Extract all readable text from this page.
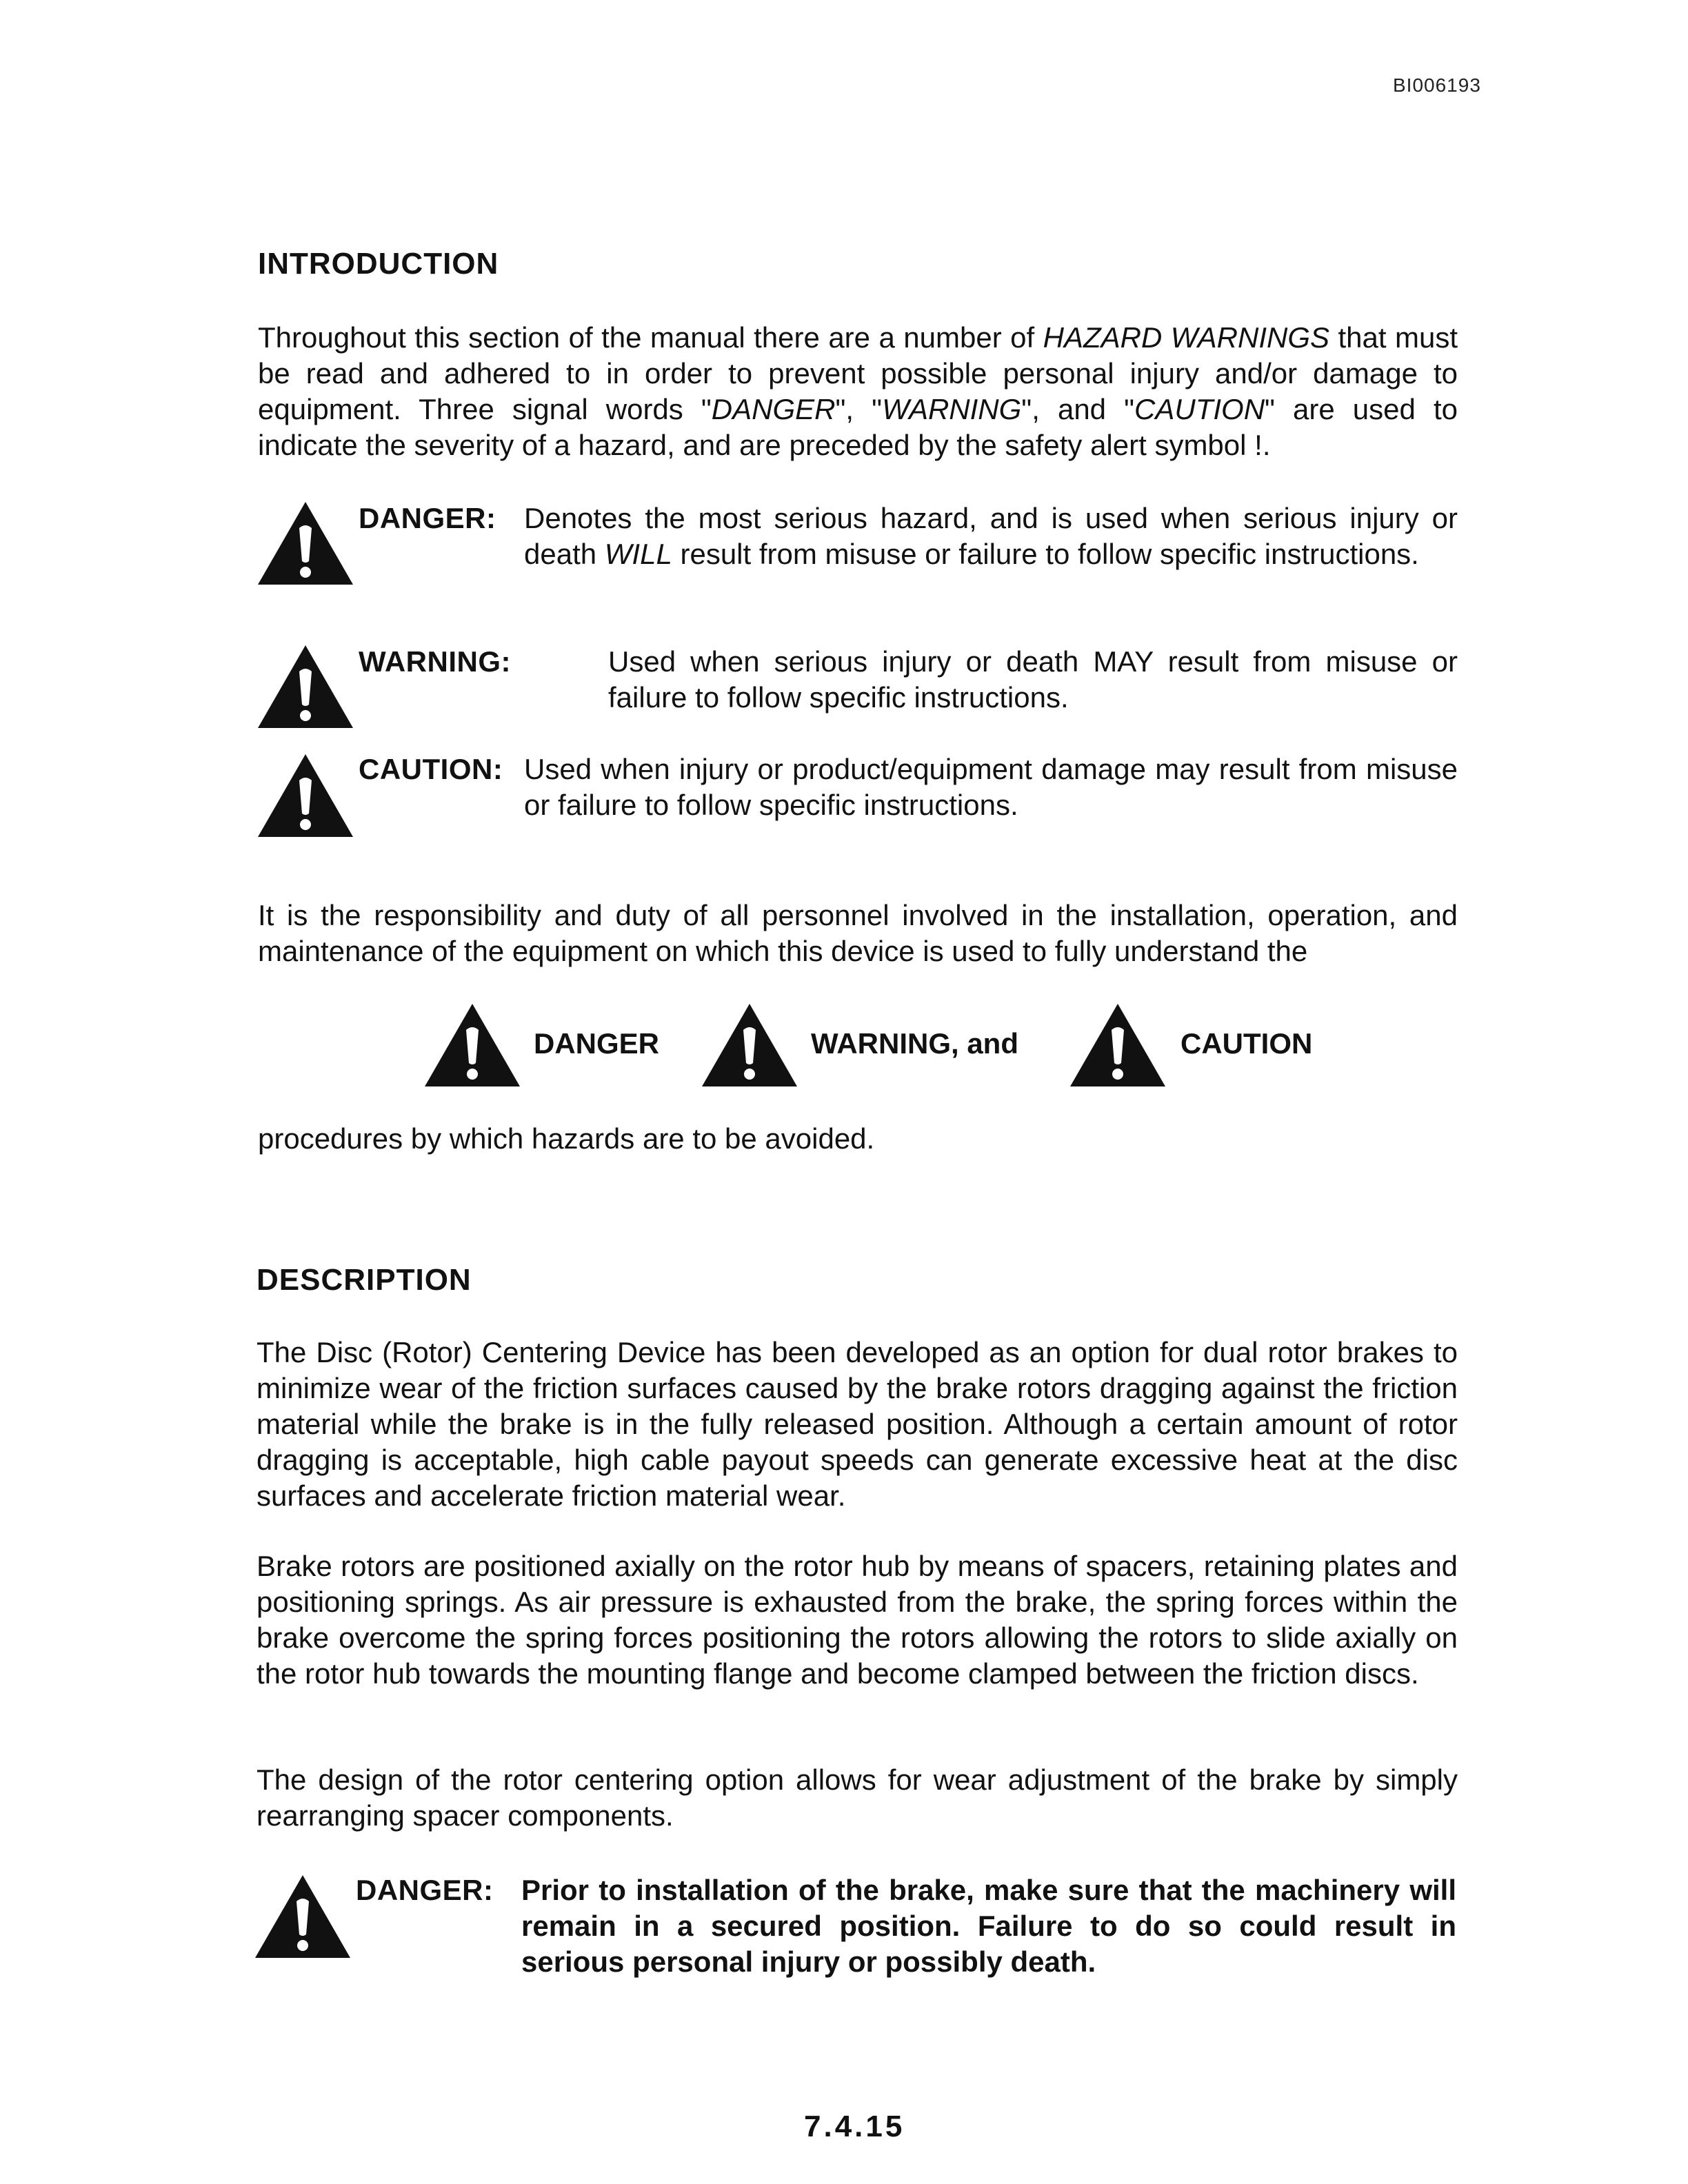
BI006193
INTRODUCTION
Throughout this section of the manual there are a number of HAZARD WARNINGS that must be read and adhered to in order to prevent possible personal injury and/or damage to equipment. Three signal words "DANGER", "WARNING", and "CAUTION" are used to indicate the severity of a hazard, and are preceded by the safety alert symbol !.
DANGER: Denotes the most serious hazard, and is used when serious injury or death WILL result from misuse or failure to follow specific instructions.
WARNING:	Used when serious injury or death MAY result from misuse or failure to follow specific instructions.
CAUTION: Used when injury or product/equipment damage may result from misuse or failure to follow specific instructions.
It is the responsibility and duty of all personnel involved in the installation, operation, and maintenance of the equipment on which this device is used to fully understand the
DANGER	WARNING, and	CAUTION
procedures by which hazards are to be avoided.
DESCRIPTION
The Disc (Rotor) Centering Device has been developed as an option for dual rotor brakes to minimize wear of the friction surfaces caused by the brake rotors dragging against the friction material while the brake is in the fully released position. Although a certain amount of rotor dragging is acceptable, high cable payout speeds can generate excessive heat at the disc surfaces and accelerate friction material wear.
Brake rotors are positioned axially on the rotor hub by means of spacers, retaining plates and positioning springs. As air pressure is exhausted from the brake, the spring forces within the brake overcome the spring forces positioning the rotors allowing the rotors to slide axially on the rotor hub towards the mounting flange and become clamped between the friction discs.
The design of the rotor centering option allows for wear adjustment of the brake by simply rearranging spacer components.
DANGER: Prior to installation of the brake, make sure that the machinery will remain in a secured position. Failure to do so could result in serious personal injury or possibly death.
7.4.15
